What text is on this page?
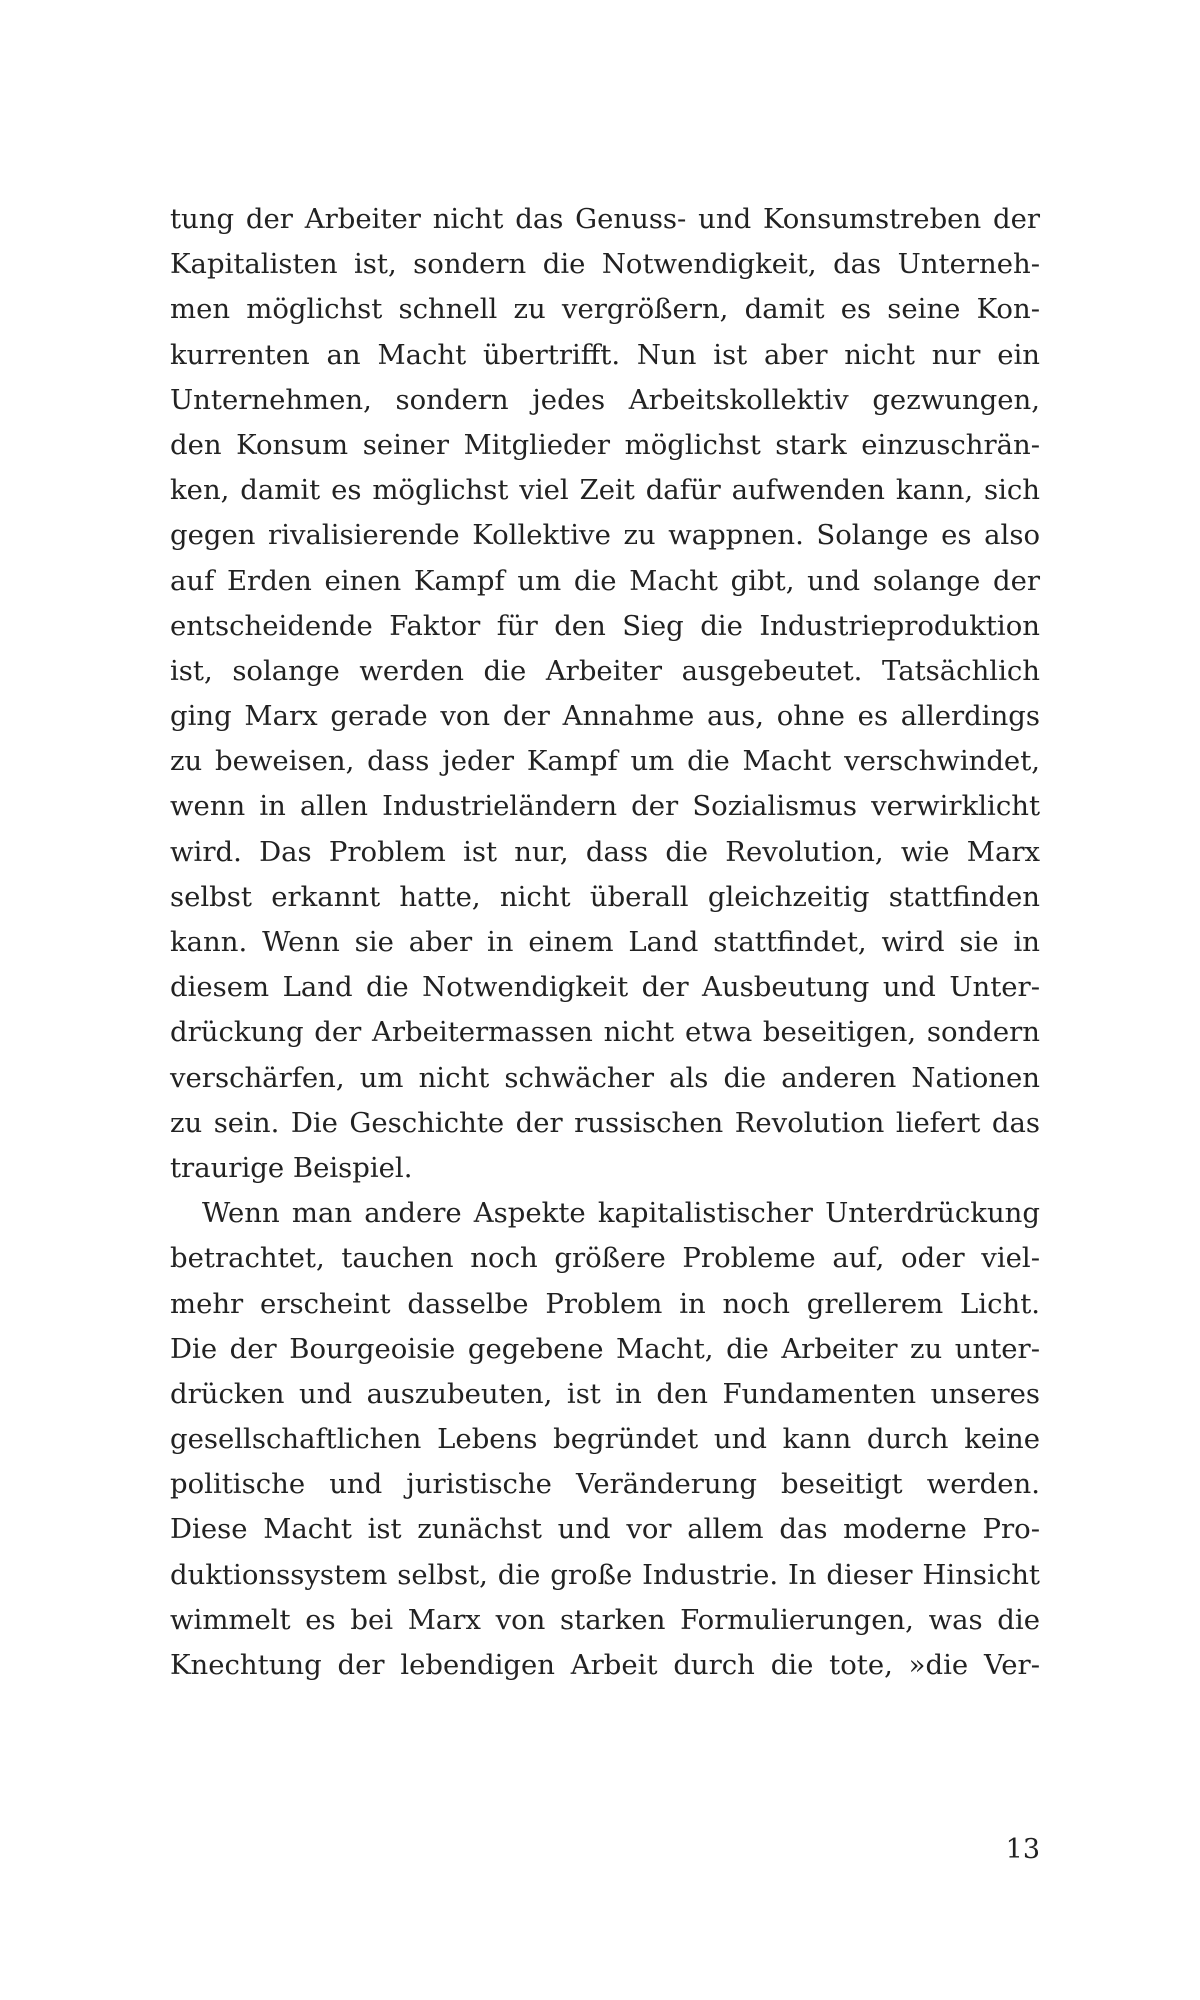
tung der Arbeiter nicht das Genuss- und Konsumstreben der
Kapitalisten ist, sondern die Notwendigkeit, das Unterneh-
men möglichst schnell zu vergrößern, damit es seine Kon-
kurrenten an Macht übertrifft. Nun ist aber nicht nur ein
Unternehmen, sondern jedes Arbeitskollektiv gezwungen,
den Konsum seiner Mitglieder möglichst stark einzuschrän-
ken, damit es möglichst viel Zeit dafür aufwenden kann, sich
gegen rivalisierende Kollektive zu wappnen. Solange es also
auf Erden einen Kampf um die Macht gibt, und solange der
entscheidende Faktor für den Sieg die Industrieproduktion
ist, solange werden die Arbeiter ausgebeutet. Tatsächlich
ging Marx gerade von der Annahme aus, ohne es allerdings
zu beweisen, dass jeder Kampf um die Macht verschwindet,
wenn in allen Industrieländern der Sozialismus verwirklicht
wird. Das Problem ist nur, dass die Revolution, wie Marx
selbst erkannt hatte, nicht überall gleichzeitig stattfinden
kann. Wenn sie aber in einem Land stattfindet, wird sie in
diesem Land die Notwendigkeit der Ausbeutung und Unter-
drückung der Arbeitermassen nicht etwa beseitigen, sondern
verschärfen, um nicht schwächer als die anderen Nationen
zu sein. Die Geschichte der russischen Revolution liefert das
traurige Beispiel.
Wenn man andere Aspekte kapitalistischer Unterdrückung
betrachtet, tauchen noch größere Probleme auf, oder viel-
mehr erscheint dasselbe Problem in noch grellerem Licht.
Die der Bourgeoisie gegebene Macht, die Arbeiter zu unter-
drücken und auszubeuten, ist in den Fundamenten unseres
gesellschaftlichen Lebens begründet und kann durch keine
politische und juristische Veränderung beseitigt werden.
Diese Macht ist zunächst und vor allem das moderne Pro-
duktionssystem selbst, die große Industrie. In dieser Hinsicht
wimmelt es bei Marx von starken Formulierungen, was die
Knechtung der lebendigen Arbeit durch die tote, »die Ver-
13
